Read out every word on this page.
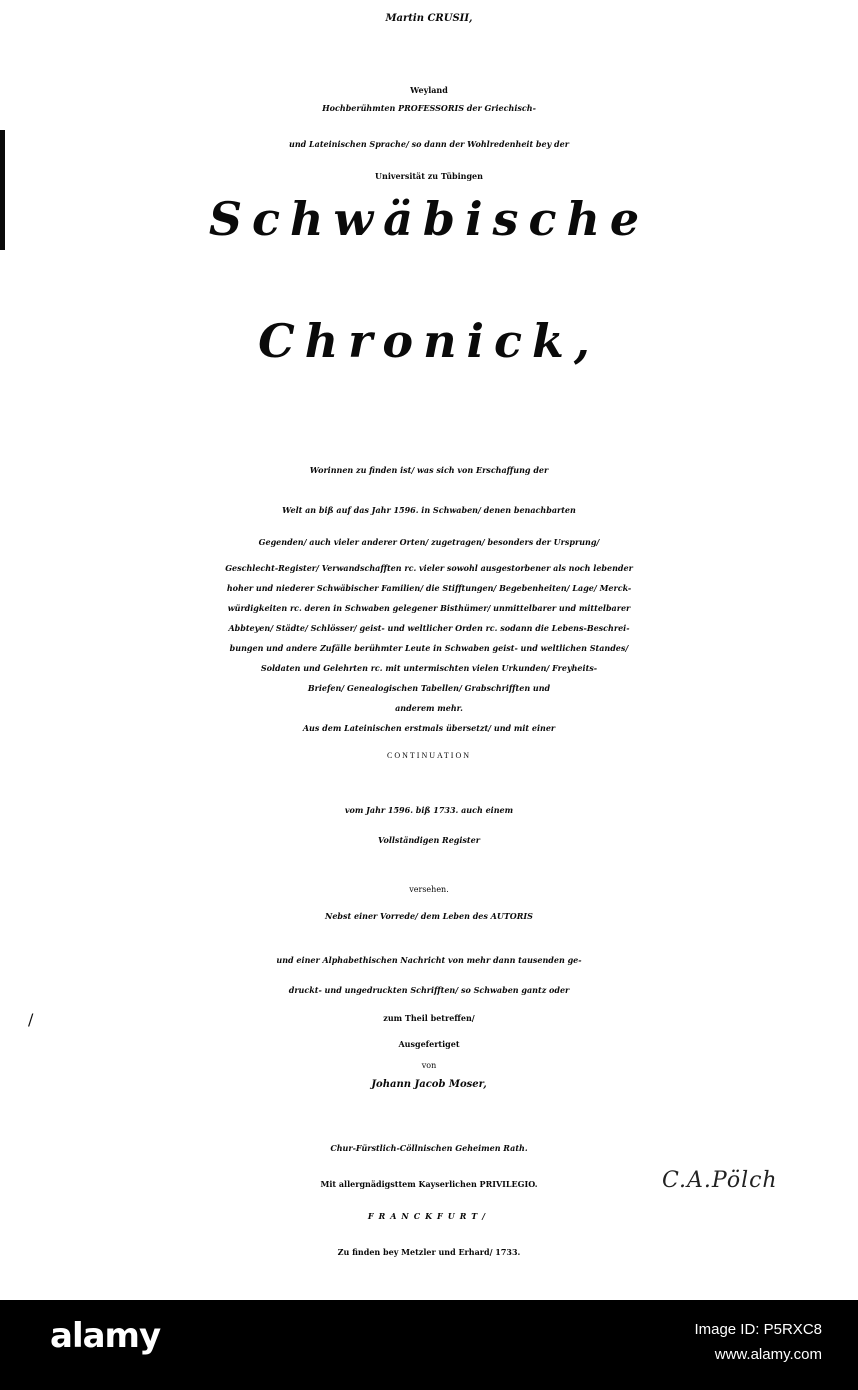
Martin CRUSII,
Weyland
Hochberühmten PROFESSORIS der Griechisch-
und Lateinischen Sprache/ so dann der Wohlredenheit bey der
Universität zu Tübingen
Schwäbische
Chronick,
Worinnen zu finden ist/ was sich von Erschaffung der
Welt an biß auf das Jahr 1596. in Schwaben/ denen benachbarten
Gegenden/ auch vieler anderer Orten/ zugetragen/ besonders der Ursprung/
Geschlecht-Register/ Verwandschafften rc. vieler sowohl ausgestorbener als noch lebender
hoher und niederer Schwäbischer Familien/ die Stifftungen/ Begebenheiten/ Lage/ Merck-
würdigkeiten rc. deren in Schwaben gelegener Bisthümer/ unmittelbarer und mittelbarer
Abbteyen/ Städte/ Schlösser/ geist- und weltlicher Orden rc. sodann die Lebens-Beschrei-
bungen und andere Zufälle berühmter Leute in Schwaben geist- und weltlichen Standes/
Soldaten und Gelehrten rc. mit untermischten vielen Urkunden/ Freyheits-
Briefen/ Genealogischen Tabellen/ Grabschrifften und
anderem mehr.
Aus dem Lateinischen erstmals übersetzt/ und mit einer
CONTINUATION
vom Jahr 1596. biß 1733. auch einem
Vollständigen Register
versehen.
Nebst einer Vorrede/ dem Leben des AUTORIS
und einer Alphabethischen Nachricht von mehr dann tausenden ge-
druckt- und ungedruckten Schrifften/ so Schwaben gantz oder
zum Theil betreffen/
/
Ausgefertiget
von
Johann Jacob Moser,
Chur-Fürstlich-Cöllnischen Geheimen Rath.
Mit allergnädigsttem Kayserlichen PRIVILEGIO.	C.A.Pölch
FRANCKFURT/
Zu finden bey Metzler und Erhard/ 1733.
alamy	Image ID: P5RXC8
www.alamy.com
